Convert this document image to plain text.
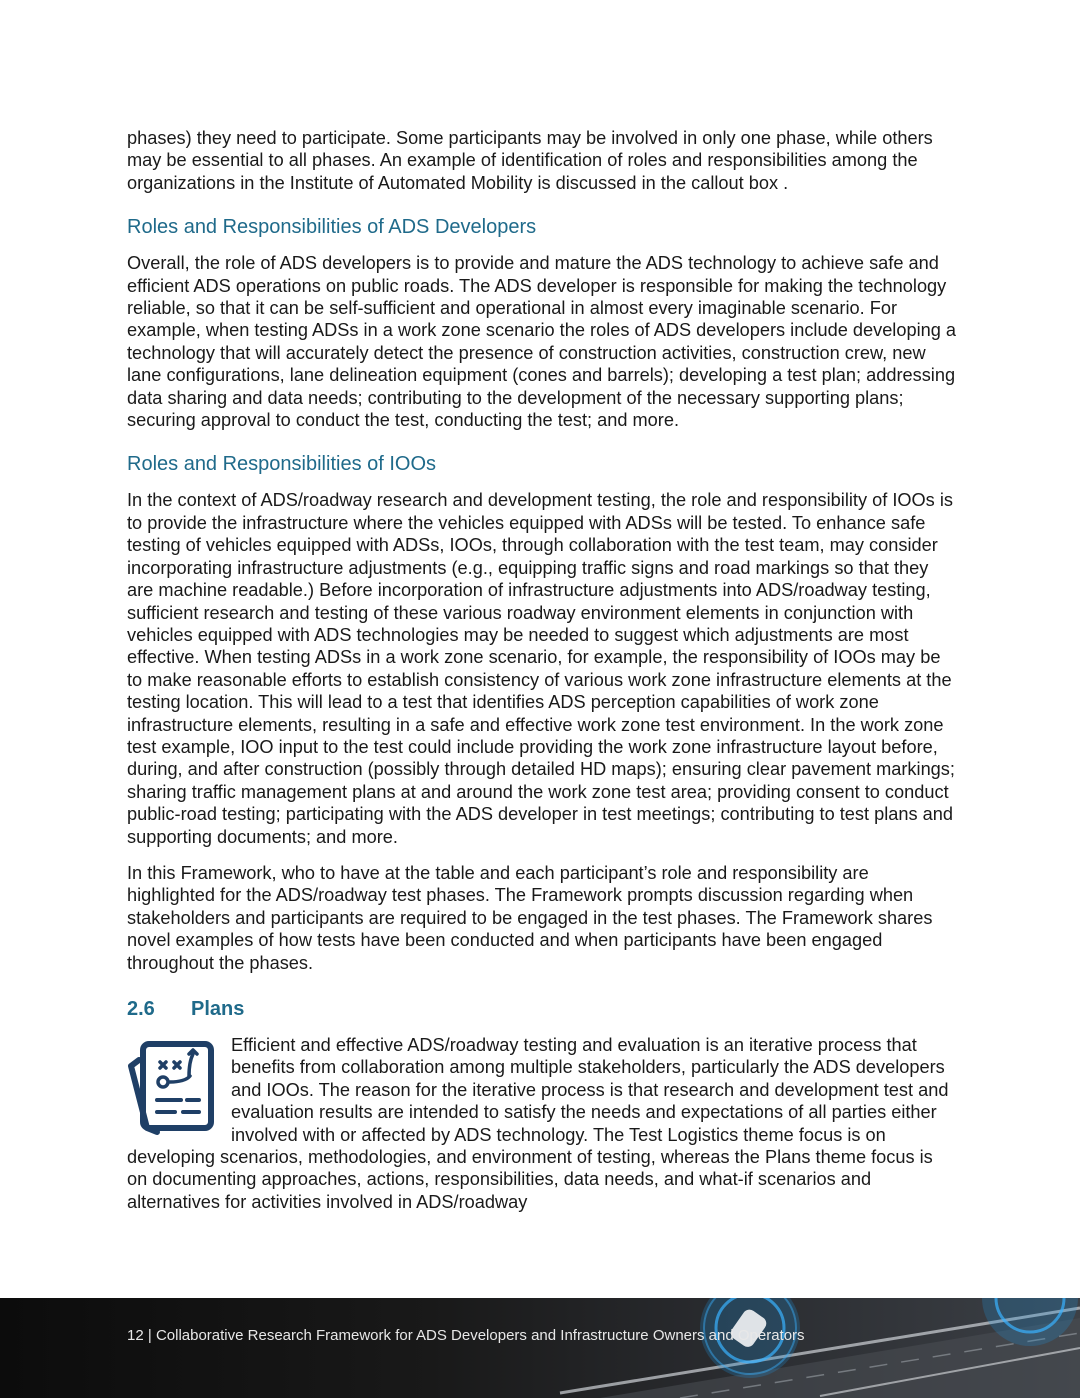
phases) they need to participate. Some participants may be involved in only one phase, while others may be essential to all phases. An example of identification of roles and responsibilities among the organizations in the Institute of Automated Mobility is discussed in the callout box .

Roles and Responsibilities of ADS Developers

Overall, the role of ADS developers is to provide and mature the ADS technology to achieve safe and efficient ADS operations on public roads. The ADS developer is responsible for making the technology reliable, so that it can be self-sufficient and operational in almost every imaginable scenario. For example, when testing ADSs in a work zone scenario the roles of ADS developers include developing a technology that will accurately detect the presence of construction activities, construction crew, new lane configurations, lane delineation equipment (cones and barrels); developing a test plan; addressing data sharing and data needs; contributing to the development of the necessary supporting plans; securing approval to conduct the test, conducting the test; and more.

Roles and Responsibilities of IOOs

In the context of ADS/roadway research and development testing, the role and responsibility of IOOs is to provide the infrastructure where the vehicles equipped with ADSs will be tested. To enhance safe testing of vehicles equipped with ADSs, IOOs, through collaboration with the test team, may consider incorporating infrastructure adjustments (e.g., equipping traffic signs and road markings so that they are machine readable.) Before incorporation of infrastructure adjustments into ADS/roadway testing, sufficient research and testing of these various roadway environment elements in conjunction with vehicles equipped with ADS technologies may be needed to suggest which adjustments are most effective. When testing ADSs in a work zone scenario, for example, the responsibility of IOOs may be to make reasonable efforts to establish consistency of various work zone infrastructure elements at the testing location. This will lead to a test that identifies ADS perception capabilities of work zone infrastructure elements, resulting in a safe and effective work zone test environment. In the work zone test example, IOO input to the test could include providing the work zone infrastructure layout before, during, and after construction (possibly through detailed HD maps); ensuring clear pavement markings; sharing traffic management plans at and around the work zone test area; providing consent to conduct public-road testing; participating with the ADS developer in test meetings; contributing to test plans and supporting documents; and more.

In this Framework, who to have at the table and each participant’s role and responsibility are highlighted for the ADS/roadway test phases. The Framework prompts discussion regarding when stakeholders and participants are required to be engaged in the test phases. The Framework shares novel examples of how tests have been conducted and when participants have been engaged throughout the phases.

2.6 Plans

Efficient and effective ADS/roadway testing and evaluation is an iterative process that benefits from collaboration among multiple stakeholders, particularly the ADS developers and IOOs. The reason for the iterative process is that research and development test and evaluation results are intended to satisfy the needs and expectations of all parties either involved with or affected by ADS technology. The Test Logistics theme focus is on developing scenarios, methodologies, and environment of testing, whereas the Plans theme focus is on documenting approaches, actions, responsibilities, data needs, and what-if scenarios and alternatives for activities involved in ADS/roadway

12 | Collaborative Research Framework for ADS Developers and Infrastructure Owners and Operators
